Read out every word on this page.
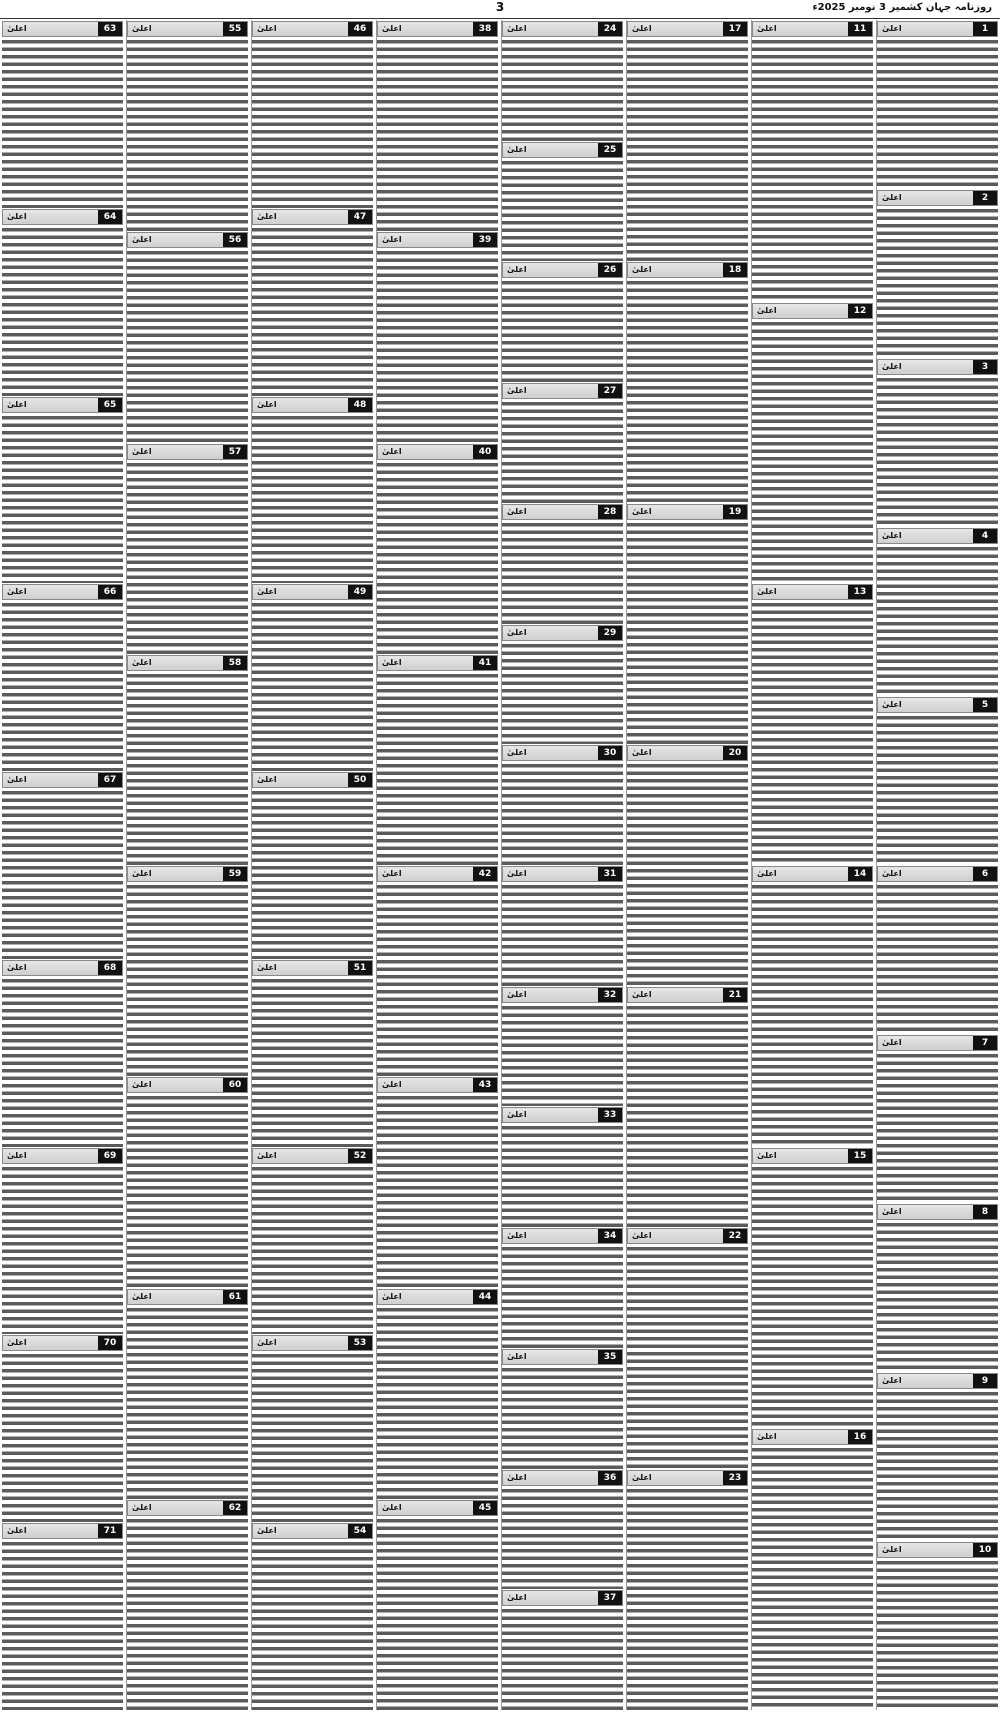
روزنامہ جہان کشمیر 3 نومبر 2025ء
3
1
اعلیٰ
2
اعلیٰ
3
اعلیٰ
4
اعلیٰ
5
اعلیٰ
6
اعلیٰ
7
اعلیٰ
8
اعلیٰ
9
اعلیٰ
10
اعلیٰ
11
اعلیٰ
12
اعلیٰ
13
اعلیٰ
14
اعلیٰ
15
اعلیٰ
16
اعلیٰ
17
اعلیٰ
18
اعلیٰ
19
اعلیٰ
20
اعلیٰ
21
اعلیٰ
22
اعلیٰ
23
اعلیٰ
24
اعلیٰ
25
اعلیٰ
26
اعلیٰ
27
اعلیٰ
28
اعلیٰ
29
اعلیٰ
30
اعلیٰ
31
اعلیٰ
32
اعلیٰ
33
اعلیٰ
34
اعلیٰ
35
اعلیٰ
36
اعلیٰ
37
اعلیٰ
38
اعلیٰ
39
اعلیٰ
40
اعلیٰ
41
اعلیٰ
42
اعلیٰ
43
اعلیٰ
44
اعلیٰ
45
اعلیٰ
46
اعلیٰ
47
اعلیٰ
48
اعلیٰ
49
اعلیٰ
50
اعلیٰ
51
اعلیٰ
52
اعلیٰ
53
اعلیٰ
54
اعلیٰ
55
اعلیٰ
56
اعلیٰ
57
اعلیٰ
58
اعلیٰ
59
اعلیٰ
60
اعلیٰ
61
اعلیٰ
62
اعلیٰ
63
اعلیٰ
64
اعلیٰ
65
اعلیٰ
66
اعلیٰ
67
اعلیٰ
68
اعلیٰ
69
اعلیٰ
70
اعلیٰ
71
اعلیٰ
